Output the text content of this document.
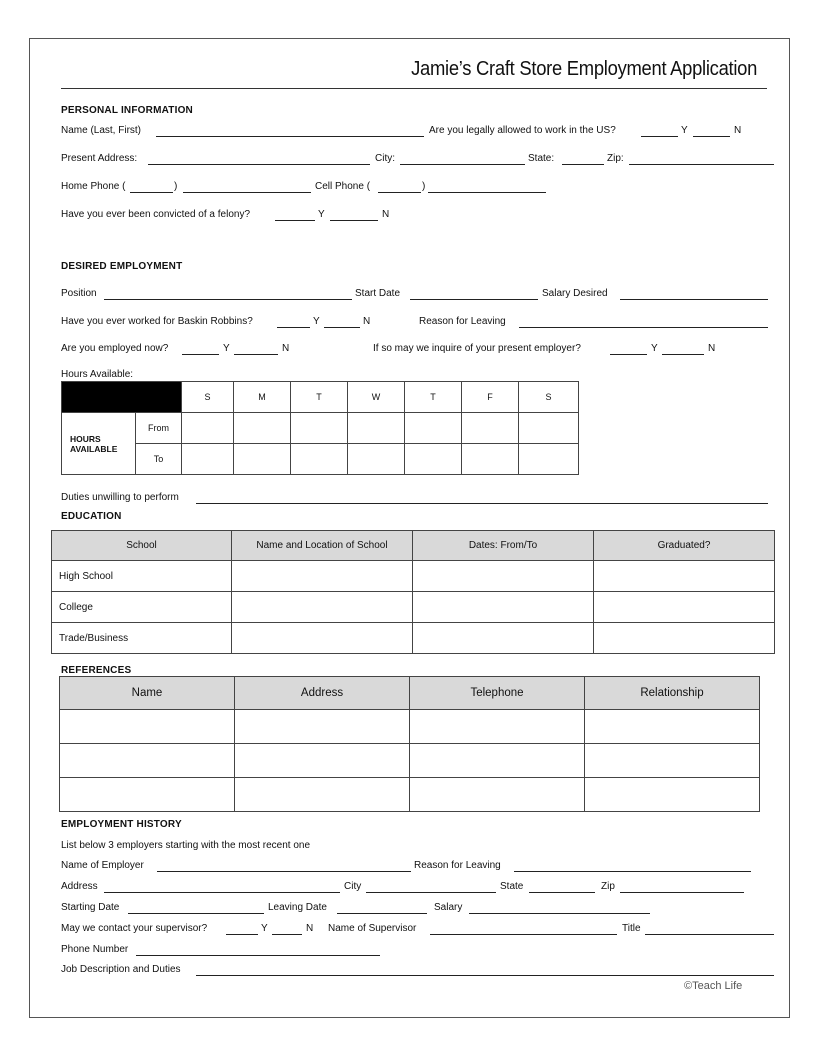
Jamie’s Craft Store Employment Application
PERSONAL INFORMATION
Name (Last, First)	Are you legally allowed to work in the US?	Y	N
Present Address:	City:	State:	Zip:
Home Phone (	)	Cell Phone (	)
Have you ever been convicted of a felony?	Y	N
DESIRED EMPLOYMENT
Position	Start Date	Salary Desired
Have you ever worked for Baskin Robbins?	Y	N	Reason for Leaving
Are you employed now?	Y	N	If so may we inquire of your present employer?	Y	N
Hours Available:
		S	M	T	W	T	F	S
HOURS AVAILABLE	From							
	To							
Duties unwilling to perform
EDUCATION
School	Name and Location of School	Dates: From/To	Graduated?
High School			
College			
Trade/Business			
REFERENCES
Name	Address	Telephone	Relationship

EMPLOYMENT HISTORY
List below 3 employers starting with the most recent one
Name of Employer	Reason for Leaving
Address	City	State	Zip
Starting Date	Leaving Date	Salary
May we contact your supervisor?	Y	N Name of Supervisor	Title
Phone Number
Job Description and Duties
©Teach Life
